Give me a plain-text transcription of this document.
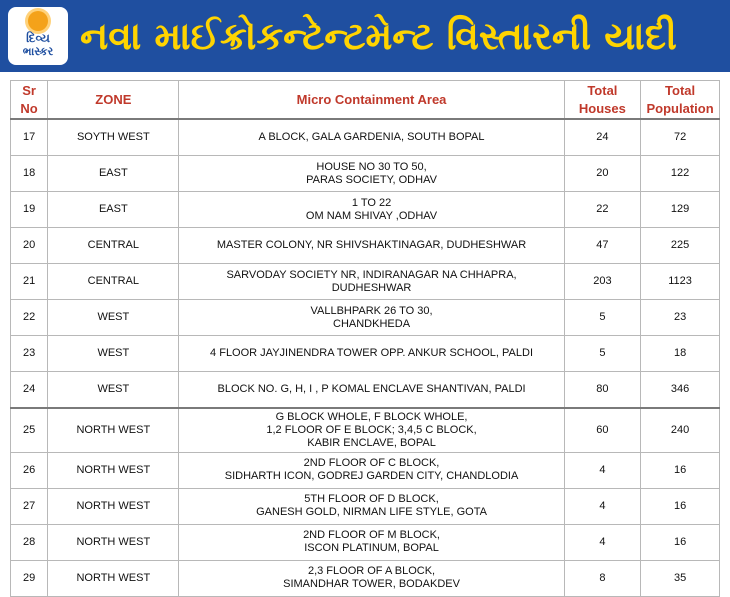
દિવ્ય
ભાસ્કર નવા માઈક્રોકન્ટેન્ટમેન્ટ વિસ્તારની યાદી
Sr No	ZONE	Micro Containment Area	Total Houses	Total Population

17	SOYTH WEST	A BLOCK, GALA GARDENIA, SOUTH BOPAL	24	72

18	EAST	HOUSE NO 30 TO 50,
PARAS SOCIETY, ODHAV	20	122

19	EAST	1 TO 22
OM NAM SHIVAY ,ODHAV	22	129

20	CENTRAL	MASTER COLONY, NR SHIVSHAKTINAGAR, DUDHESHWAR	47	225

21	CENTRAL	SARVODAY SOCIETY NR, INDIRANAGAR NA CHHAPRA,
DUDHESHWAR	203	1123

22	WEST	VALLBHPARK 26 TO 30,
CHANDKHEDA	5	23

23	WEST	4 FLOOR JAYJINENDRA TOWER OPP. ANKUR SCHOOL, PALDI	5	18

24	WEST	BLOCK NO. G, H, I , P KOMAL ENCLAVE SHANTIVAN, PALDI	80	346

25	NORTH WEST	G BLOCK WHOLE, F BLOCK WHOLE,
1,2 FLOOR OF E BLOCK; 3,4,5 C BLOCK,
KABIR ENCLAVE, BOPAL	60	240

26	NORTH WEST	2ND FLOOR OF C BLOCK,
SIDHARTH ICON, GODREJ GARDEN CITY, CHANDLODIA	4	16

27	NORTH WEST	5TH FLOOR OF D BLOCK,
GANESH GOLD, NIRMAN LIFE STYLE, GOTA	4	16

28	NORTH WEST	2ND FLOOR OF M BLOCK,
ISCON PLATINUM, BOPAL	4	16

29	NORTH WEST	2,3 FLOOR OF A BLOCK,
SIMANDHAR TOWER, BODAKDEV	8	35
